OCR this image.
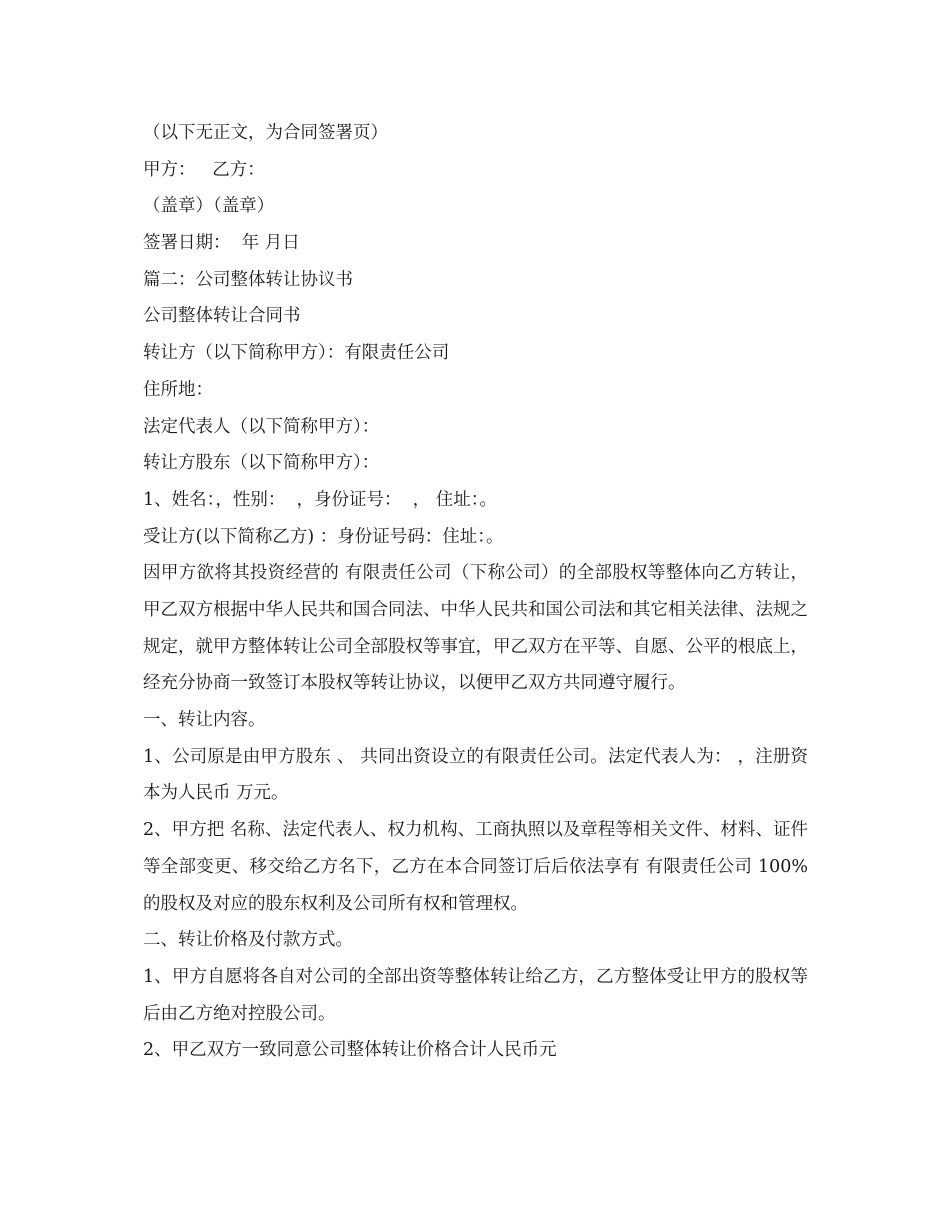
（以下无正文，为合同签署页）
甲方：   乙方：
（盖章）（盖章）
签署日期：  年 月日
篇二：公司整体转让协议书
公司整体转让合同书
转让方（以下简称甲方）：有限责任公司
住所地：
法定代表人（以下简称甲方）：
转让方股东（以下简称甲方）：
1、姓名：，性别：  ，身份证号：  ， 住址：。
受让方(以下简称乙方) ：身份证号码：住址：。

因甲方欲将其投资经营的 有限责任公司（下称公司）的全部股权等整体向乙方转让，甲乙双方根据中华人民共和国合同法、中华人民共和国公司法和其它相关法律、法规之规定，就甲方整体转让公司全部股权等事宜，甲乙双方在平等、自愿、公平的根底上，经充分协商一致签订本股权等转让协议，以便甲乙双方共同遵守履行。

一、转让内容。

1、公司原是由甲方股东 、 共同出资设立的有限责任公司。法定代表人为： ，注册资本为人民币 万元。

2、甲方把 名称、法定代表人、权力机构、工商执照以及章程等相关文件、材料、证件等全部变更、移交给乙方名下，乙方在本合同签订后后依法享有 有限责任公司 100%的股权及对应的股东权利及公司所有权和管理权。

二、转让价格及付款方式。

1、甲方自愿将各自对公司的全部出资等整体转让给乙方，乙方整体受让甲方的股权等后由乙方绝对控股公司。

2、甲乙双方一致同意公司整体转让价格合计人民币元
